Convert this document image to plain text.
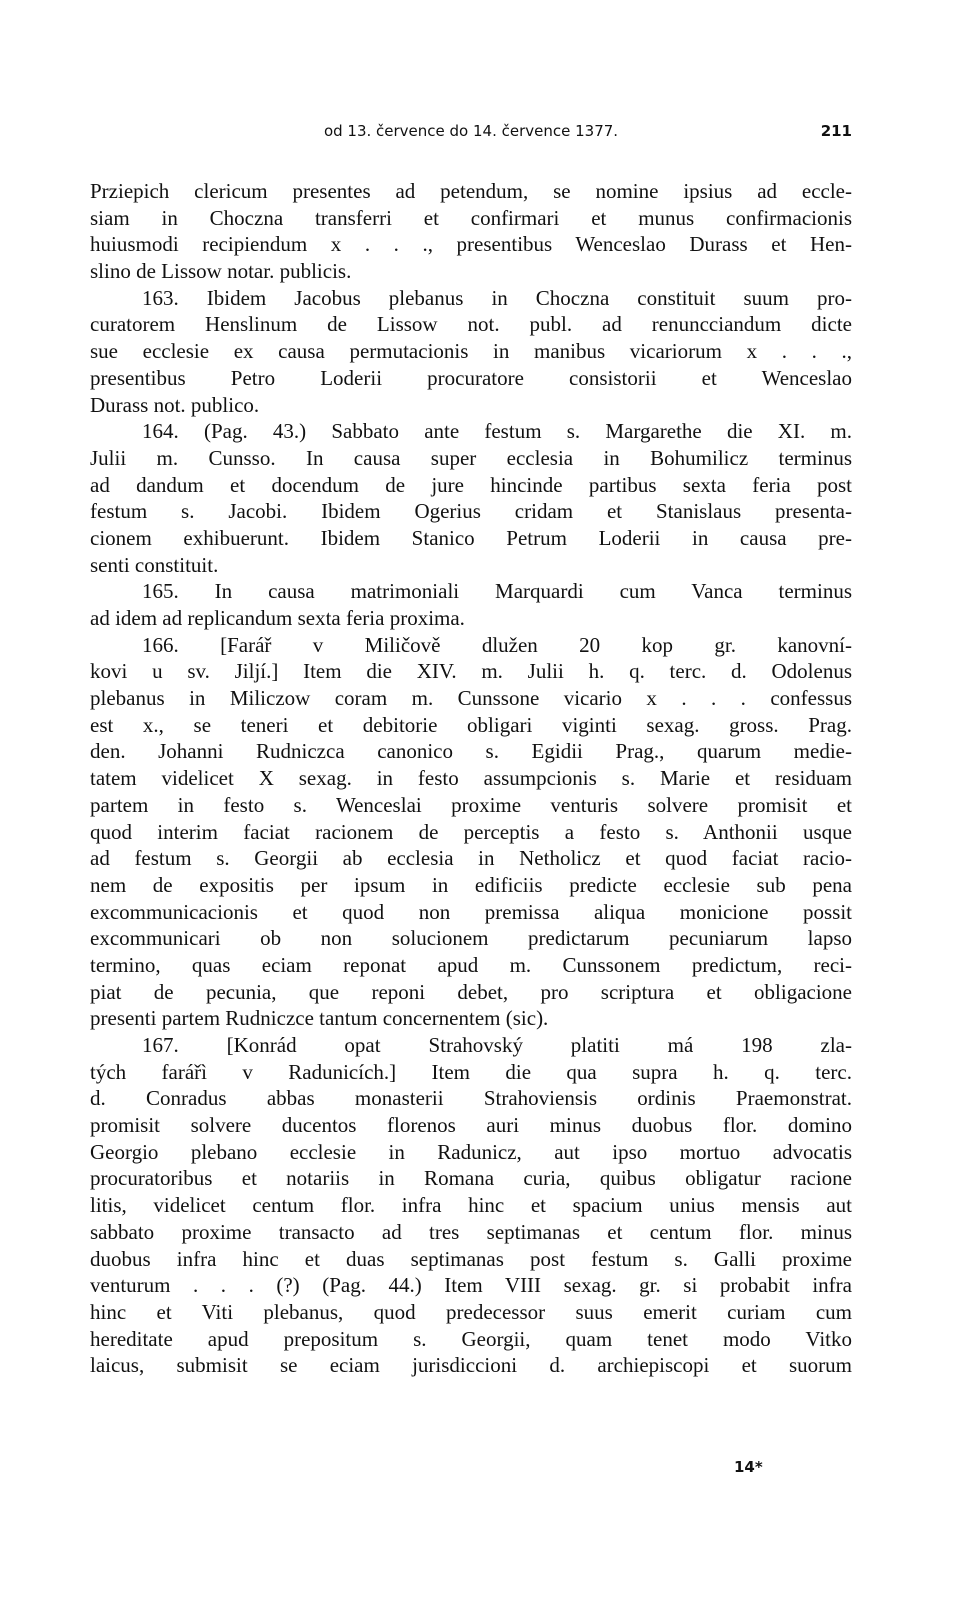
od 13. července do 14. července 1377.	211
Prziepich clericum presentes ad petendum, se nomine ipsius ad eccle-
siam in Choczna transferri et confirmari et munus confirmacionis
huiusmodi recipiendum x . . ., presentibus Wenceslao Durass et Hen-
slino de Lissow notar. publicis.
163. Ibidem Jacobus plebanus in Choczna constituit suum pro-
curatorem Henslinum de Lissow not. publ. ad renuncciandum dicte
sue ecclesie ex causa permutacionis in manibus vicariorum x . . .,
presentibus Petro Loderii procuratore consistorii et Wenceslao
Durass not. publico.
164. (Pag. 43.) Sabbato ante festum s. Margarethe die XI. m.
Julii m. Cunsso. In causa super ecclesia in Bohumilicz terminus
ad dandum et docendum de jure hincinde partibus sexta feria post
festum s. Jacobi. Ibidem Ogerius cridam et Stanislaus presenta-
cionem exhibuerunt. Ibidem Stanico Petrum Loderii in causa pre-
senti constituit.
165. In causa matrimoniali Marquardi cum Vanca terminus
ad idem ad replicandum sexta feria proxima.
166. [Farář v Miličově dlužen 20 kop gr. kanovní-
kovi u sv. Jiljí.] Item die XIV. m. Julii h. q. terc. d. Odolenus
plebanus in Miliczow coram m. Cunssone vicario x . . . confessus
est x., se teneri et debitorie obligari viginti sexag. gross. Prag.
den. Johanni Rudniczca canonico s. Egidii Prag., quarum medie-
tatem videlicet X sexag. in festo assumpcionis s. Marie et residuam
partem in festo s. Wenceslai proxime venturis solvere promisit et
quod interim faciat racionem de perceptis a festo s. Anthonii usque
ad festum s. Georgii ab ecclesia in Netholicz et quod faciat racio-
nem de expositis per ipsum in edificiis predicte ecclesie sub pena
excommunicacionis et quod non premissa aliqua monicione possit
excommunicari ob non solucionem predictarum pecuniarum lapso
termino, quas eciam reponat apud m. Cunssonem predictum, reci-
piat de pecunia, que reponi debet, pro scriptura et obligacione
presenti partem Rudniczce tantum concernentem (sic).
167. [Konrád opat Strahovský platiti má 198 zla-
tých farářì v Radunicích.] Item die qua supra h. q. terc.
d. Conradus abbas monasterii Strahoviensis ordinis Praemonstrat.
promisit solvere ducentos florenos auri minus duobus flor. domino
Georgio plebano ecclesie in Radunicz, aut ipso mortuo advocatis
procuratoribus et notariis in Romana curia, quibus obligatur racione
litis, videlicet centum flor. infra hinc et spacium unius mensis aut
sabbato proxime transacto ad tres septimanas et centum flor. minus
duobus infra hinc et duas septimanas post festum s. Galli proxime
venturum . . . (?) (Pag. 44.) Item VIII sexag. gr. si probabit infra
hinc et Viti plebanus, quod predecessor suus emerit curiam cum
hereditate apud prepositum s. Georgii, quam tenet modo Vitko
laicus, submisit se eciam jurisdiccioni d. archiepiscopi et suorum
14*
